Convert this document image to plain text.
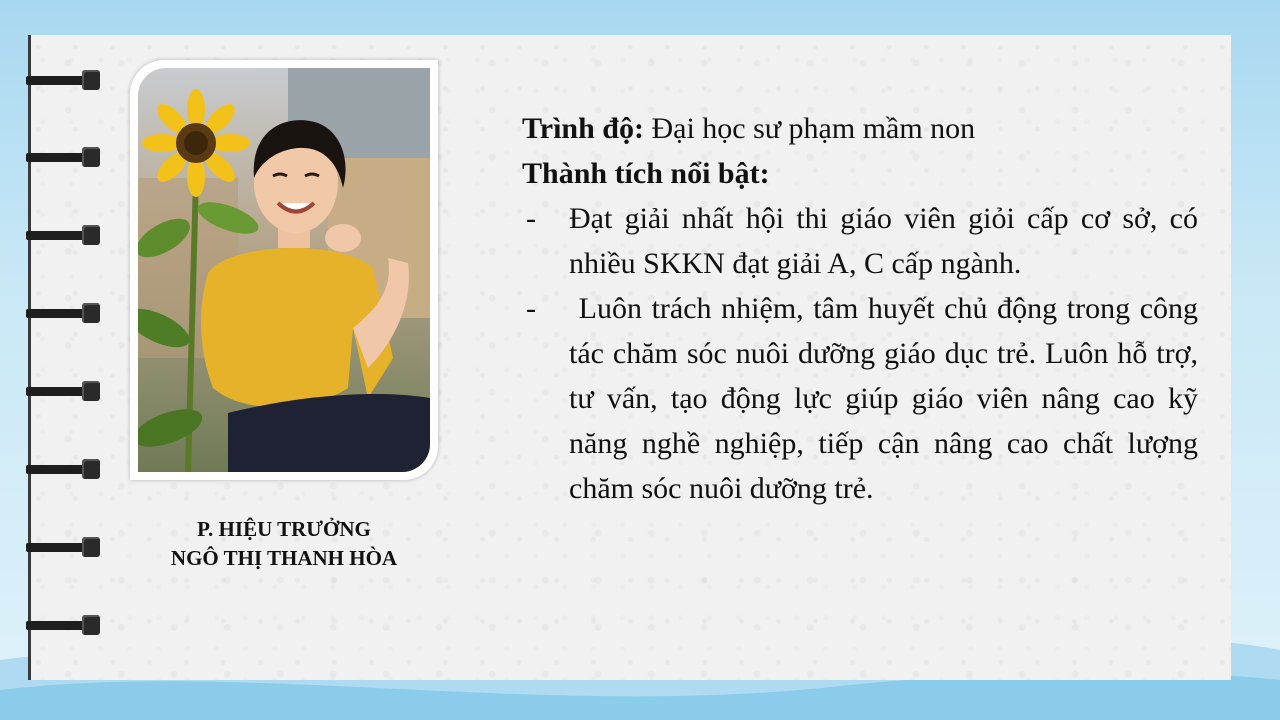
P. HIỆU TRƯỞNG
NGÔ THỊ THANH HÒA
Trình độ: Đại học sư phạm mầm non
Thành tích nổi bật:
- Đạt giải nhất hội thi giáo viên giỏi cấp cơ sở, có nhiều SKKN đạt giải A, C cấp ngành.
- Luôn trách nhiệm, tâm huyết chủ động trong công tác chăm sóc nuôi dưỡng giáo dục trẻ. Luôn hỗ trợ, tư vấn, tạo động lực giúp giáo viên nâng cao kỹ năng nghề nghiệp, tiếp cận nâng cao chất lượng chăm sóc nuôi dưỡng trẻ.
